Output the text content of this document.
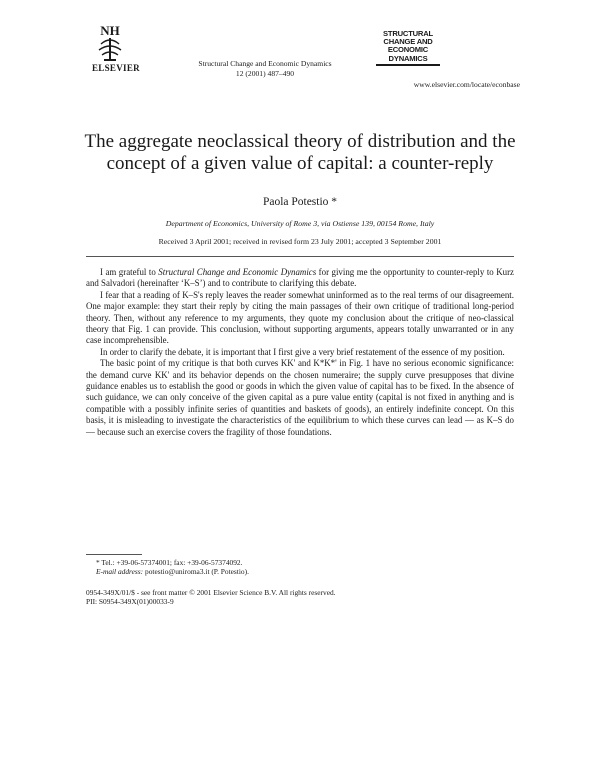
NH
ELSEVIER	Structural Change and Economic Dynamics
12 (2001) 487–490
STRUCTURAL
CHANGE AND
ECONOMIC
DYNAMICS
www.elsevier.com/locate/econbase
The aggregate neoclassical theory of distribution and the concept of a given value of capital: a counter-reply
Paola Potestio *
Department of Economics, University of Rome 3, via Ostiense 139, 00154 Rome, Italy
Received 3 April 2001; received in revised form 23 July 2001; accepted 3 September 2001

I am grateful to Structural Change and Economic Dynamics for giving me the opportunity to counter-reply to Kurz and Salvadori (hereinafter ‘K–S’) and to contribute to clarifying this debate.

I fear that a reading of K–S's reply leaves the reader somewhat uninformed as to the real terms of our disagreement. One major example: they start their reply by citing the main passages of their own critique of traditional long-period theory. Then, without any reference to my arguments, they quote my conclusion about the critique of neo-classical theory that Fig. 1 can provide. This conclusion, without supporting arguments, appears totally unwarranted or in any case incomprehensible.

In order to clarify the debate, it is important that I first give a very brief restatement of the essence of my position.

The basic point of my critique is that both curves KK' and K*K*' in Fig. 1 have no serious economic significance: the demand curve KK' and its behavior depends on the chosen numeraire; the supply curve presupposes that divine guidance enables us to establish the good or goods in which the given value of capital has to be fixed. In the absence of such guidance, we can only conceive of the given capital as a pure value entity (capital is not fixed in anything and is compatible with a possibly infinite series of quantities and baskets of goods), an entirely indefinite concept. On this basis, it is misleading to investigate the characteristics of the equilibrium to which these curves can lead — as K–S do — because such an exercise covers the fragility of those foundations.

* Tel.: +39-06-57374001; fax: +39-06-57374092.
E-mail address: potestio@uniroma3.it (P. Potestio).
0954-349X/01/$ - see front matter © 2001 Elsevier Science B.V. All rights reserved.
PII: S0954-349X(01)00033-9
